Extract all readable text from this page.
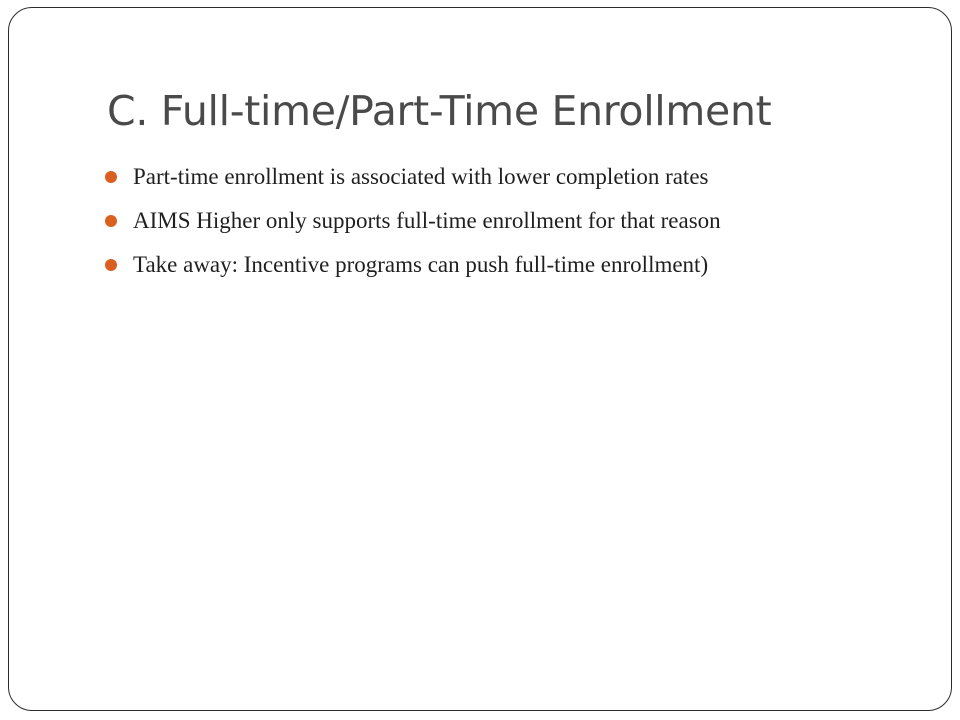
C. Full-time/Part-Time Enrollment
Part-time enrollment is associated with lower completion rates
AIMS Higher only supports full-time enrollment for that reason
Take away: Incentive programs can push full-time enrollment)
